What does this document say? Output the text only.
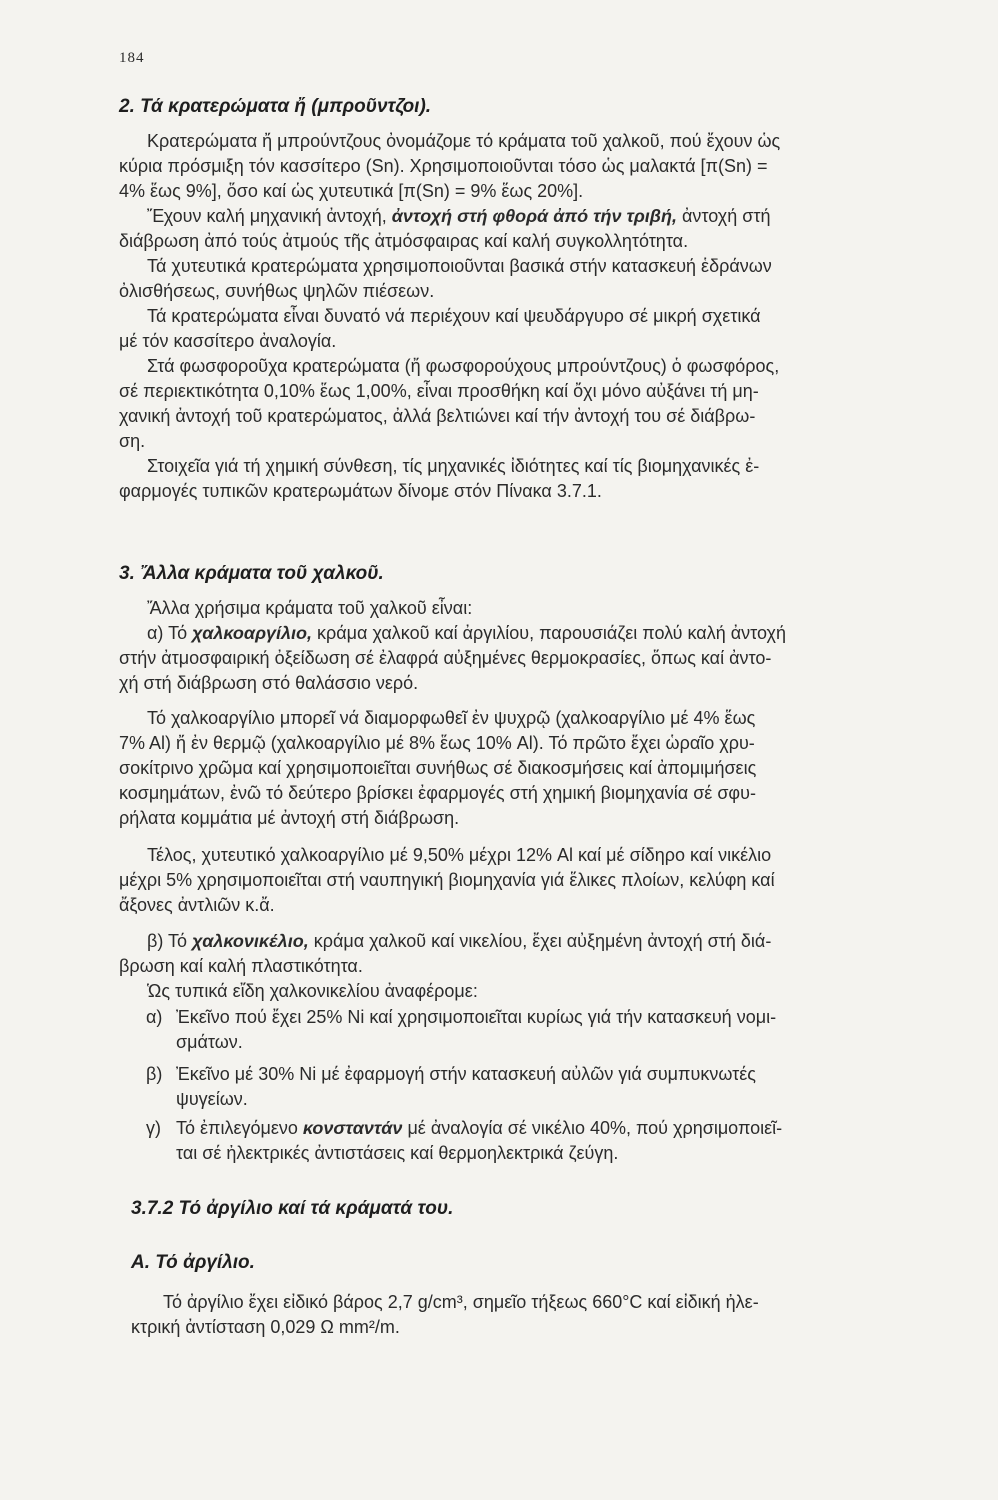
184
2. Τά κρατερώματα ἤ (μπροῦντζοι).
Κρατερώματα ἤ μπρούντζους ὀνομάζομε τό κράματα τοῦ χαλκοῦ, πού ἔχουν ὡς
κύρια πρόσμιξη τόν κασσίτερο (Sn). Χρησιμοποιοῦνται τόσο ὡς μαλακτά [π(Sn) =
4% ἕως 9%], ὅσο καί ὡς χυτευτικά [π(Sn) = 9% ἕως 20%].
Ἔχουν καλή μηχανική ἀντοχή, ἀντοχή στή φθορά ἀπό τήν τριβή, ἀντοχή στή
διάβρωση ἀπό τούς ἀτμούς τῆς ἀτμόσφαιρας καί καλή συγκολλητότητα.
Τά χυτευτικά κρατερώματα χρησιμοποιοῦνται βασικά στήν κατασκευή ἑδράνων
ὀλισθήσεως, συνήθως ψηλῶν πιέσεων.
Τά κρατερώματα εἶναι δυνατό νά περιέχουν καί ψευδάργυρο σέ μικρή σχετικά
μέ τόν κασσίτερο ἀναλογία.
Στά φωσφοροῦχα κρατερώματα (ἤ φωσφορούχους μπρούντζους) ὁ φωσφόρος,
σέ περιεκτικότητα 0,10% ἕως 1,00%, εἶναι προσθήκη καί ὄχι μόνο αὐξάνει τή μη-
χανική ἀντοχή τοῦ κρατερώματος, ἀλλά βελτιώνει καί τήν ἀντοχή του σέ διάβρω-
ση.
Στοιχεῖα γιά τή χημική σύνθεση, τίς μηχανικές ἰδιότητες καί τίς βιομηχανικές ἐ-
φαρμογές τυπικῶν κρατερωμάτων δίνομε στόν Πίνακα 3.7.1.
3. Ἄλλα κράματα τοῦ χαλκοῦ.
Ἄλλα χρήσιμα κράματα τοῦ χαλκοῦ εἶναι:
α) Τό χαλκοαργίλιο, κράμα χαλκοῦ καί ἀργιλίου, παρουσιάζει πολύ καλή ἀντοχή
στήν ἀτμοσφαιρική ὀξείδωση σέ ἐλαφρά αὐξημένες θερμοκρασίες, ὅπως καί ἀντο-
χή στή διάβρωση στό θαλάσσιο νερό.
Τό χαλκοαργίλιο μπορεῖ νά διαμορφωθεῖ ἐν ψυχρῷ (χαλκοαργίλιο μέ 4% ἕως
7% Al) ἤ ἐν θερμῷ (χαλκοαργίλιο μέ 8% ἕως 10% Al). Τό πρῶτο ἔχει ὡραῖο χρυ-
σοκίτρινο χρῶμα καί χρησιμοποιεῖται συνήθως σέ διακοσμήσεις καί ἀπομιμήσεις
κοσμημάτων, ἐνῶ τό δεύτερο βρίσκει ἐφαρμογές στή χημική βιομηχανία σέ σφυ-
ρήλατα κομμάτια μέ ἀντοχή στή διάβρωση.
Τέλος, χυτευτικό χαλκοαργίλιο μέ 9,50% μέχρι 12% Al καί μέ σίδηρο καί νικέλιο
μέχρι 5% χρησιμοποιεῖται στή ναυπηγική βιομηχανία γιά ἕλικες πλοίων, κελύφη καί
ἄξονες ἀντλιῶν κ.ἄ.
β) Τό χαλκονικέλιο, κράμα χαλκοῦ καί νικελίου, ἔχει αὐξημένη ἀντοχή στή διά-
βρωση καί καλή πλαστικότητα.
Ὡς τυπικά εἴδη χαλκονικελίου ἀναφέρομε:
α) Ἐκεῖνο πού ἔχει 25% Ni καί χρησιμοποιεῖται κυρίως γιά τήν κατασκευή νομι-
σμάτων.
β) Ἐκεῖνο μέ 30% Ni μέ ἐφαρμογή στήν κατασκευή αὐλῶν γιά συμπυκνωτές
ψυγείων.
γ) Τό ἐπιλεγόμενο κονσταντάν μέ ἀναλογία σέ νικέλιο 40%, πού χρησιμοποιεῖ-
ται σέ ἠλεκτρικές ἀντιστάσεις καί θερμοηλεκτρικά ζεύγη.
3.7.2 Τό ἀργίλιο καί τά κράματά του.
Α. Τό ἀργίλιο.
Τό ἀργίλιο ἔχει εἰδικό βάρος 2,7 g/cm³, σημεῖο τήξεως 660°C καί εἰδική ἠλε-
κτρική ἀντίσταση 0,029 Ω mm²/m.
